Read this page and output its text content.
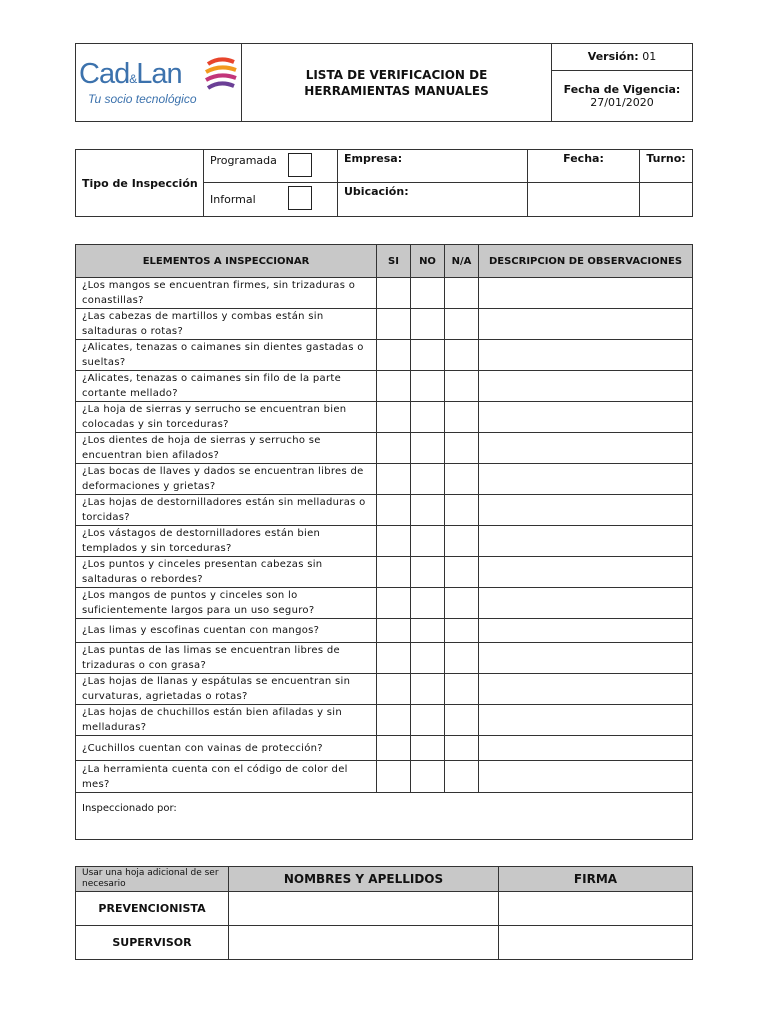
Cad&Lan
Tu socio tecnológico
	LISTA DE VERIFICACION DE HERRAMIENTAS MANUALES	Versión: 01
Fecha de Vigencia:
27/01/2020
Tipo de Inspección	Programada	Empresa:	Fecha:	Turno:
	Informal	Ubicación:		
ELEMENTOS A INSPECCIONAR	SI	NO	N/A	DESCRIPCION DE OBSERVACIONES
¿Los mangos se encuentran firmes, sin trizaduras o conastillas?				
¿Las cabezas de martillos y combas están sin saltaduras o rotas?				
¿Alicates, tenazas o caimanes sin dientes gastadas o sueltas?				
¿Alicates, tenazas o caimanes sin filo de la parte cortante mellado?				
¿La hoja de sierras y serrucho se encuentran bien colocadas y sin torceduras?				
¿Los dientes de hoja de sierras y serrucho se encuentran bien afilados?				
¿Las bocas de llaves y dados se encuentran libres de deformaciones y grietas?				
¿Las hojas de destornilladores están sin melladuras o torcidas?				
¿Los vástagos de destornilladores están bien templados y sin torceduras?				
¿Los puntos y cinceles presentan cabezas sin saltaduras o rebordes?				
¿Los mangos de puntos y cinceles son lo suficientemente largos para un uso seguro?				
¿Las limas y escofinas cuentan con mangos?				
¿Las puntas de las limas se encuentran libres de trizaduras o con grasa?				
¿Las hojas de llanas y espátulas se encuentran sin curvaturas, agrietadas o rotas?				
¿Las hojas de chuchillos están bien afiladas y sin melladuras?				
¿Cuchillos cuentan con vainas de protección?				
¿La herramienta cuenta con el código de color del mes?				
Inspeccionado por:				
Usar una hoja adicional de ser necesario	NOMBRES Y APELLIDOS	FIRMA
PREVENCIONISTA		
SUPERVISOR		
